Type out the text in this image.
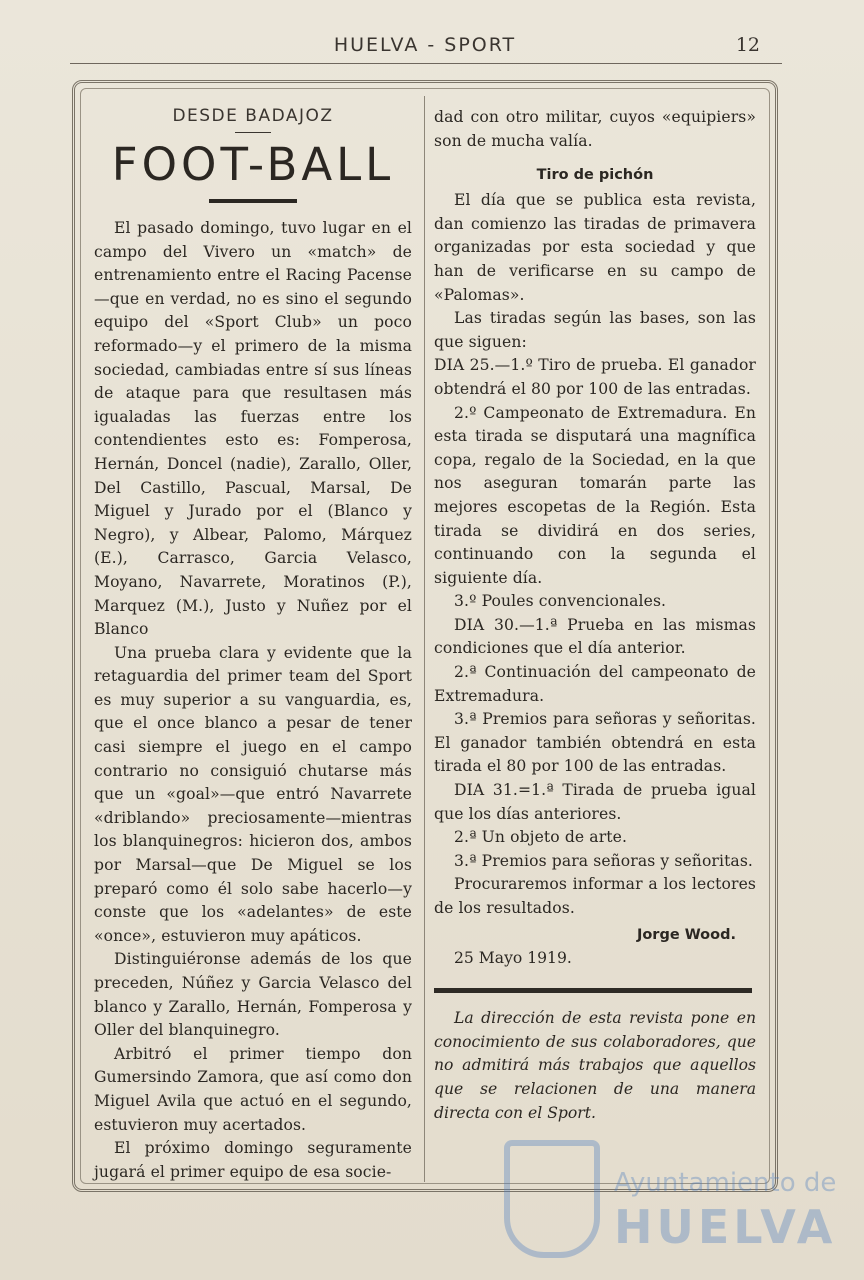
HUELVA - SPORT	12
DESDE BADAJOZ
FOOT-BALL

El pasado domingo, tuvo lugar en el campo del Vivero un «match» de entrenamiento entre el Racing Pacense—que en verdad, no es sino el segundo equipo del «Sport Club» un poco reformado—y el primero de la misma sociedad, cambiadas entre sí sus líneas de ataque para que resultasen más igualadas las fuerzas entre los contendientes esto es: Fomperosa, Hernán, Doncel (nadie), Zarallo, Oller, Del Castillo, Pascual, Marsal, De Miguel y Jurado por el (Blanco y Negro), y Albear, Palomo, Márquez (E.), Carrasco, Garcia Velasco, Moyano, Navarrete, Moratinos (P.), Marquez (M.), Justo y Nuñez por el Blanco

Una prueba clara y evidente que la retaguardia del primer team del Sport es muy superior a su vanguardia, es, que el once blanco a pesar de tener casi siempre el juego en el campo contrario no consiguió chutarse más que un «goal»—que entró Navarrete «driblando» preciosamente—mientras los blanquinegros: hicieron dos, ambos por Marsal—que De Miguel se los preparó como él solo sabe hacerlo—y conste que los «adelantes» de este «once», estuvieron muy apáticos.

Distinguiéronse además de los que preceden, Núñez y Garcia Velasco del blanco y Zarallo, Hernán, Fomperosa y Oller del blanquinegro.

Arbitró el primer tiempo don Gumersindo Zamora, que así como don Miguel Avila que actuó en el segundo, estuvieron muy acertados.

El próximo domingo seguramente jugará el primer equipo de esa socie-

dad con otro militar, cuyos «equipiers» son de mucha valía.

Tiro de pichón

El día que se publica esta revista, dan comienzo las tiradas de primavera organizadas por esta sociedad y que han de verificarse en su campo de «Palomas».

Las tiradas según las bases, son las que siguen:

DIA 25.—1.º Tiro de prueba. El ganador obtendrá el 80 por 100 de las entradas.

2.º Campeonato de Extremadura. En esta tirada se disputará una magnífica copa, regalo de la Sociedad, en la que nos aseguran tomarán parte las mejores escopetas de la Región. Esta tirada se dividirá en dos series, continuando con la segunda el siguiente día.

3.º Poules convencionales.

DIA 30.—1.ª Prueba en las mismas condiciones que el día anterior.

2.ª Continuación del campeonato de Extremadura.

3.ª Premios para señoras y señoritas. El ganador también obtendrá en esta tirada el 80 por 100 de las entradas.

DIA 31.=1.ª Tirada de prueba igual que los días anteriores.

2.ª Un objeto de arte.

3.ª Premios para señoras y señoritas.

Procuraremos informar a los lectores de los resultados.

Jorge Wood.
25 Mayo 1919.

La dirección de esta revista pone en conocimiento de sus colaboradores, que no admitirá más trabajos que aquellos que se relacionen de una manera directa con el Sport.

Ayuntamiento de
HUELVA
